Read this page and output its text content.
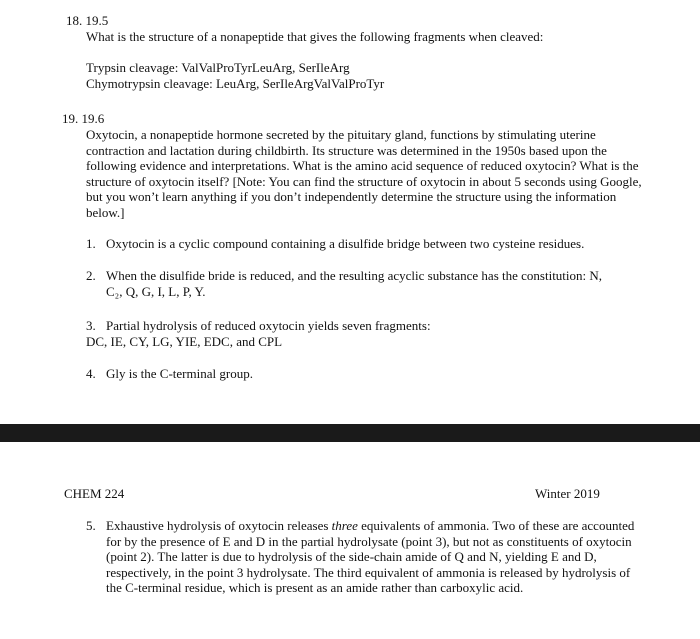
18. 19.5
What is the structure of a nonapeptide that gives the following fragments when cleaved:
Trypsin cleavage: ValValProTyrLeuArg, SerIleArg
Chymotrypsin cleavage: LeuArg, SerIleArgValValProTyr
19. 19.6
Oxytocin, a nonapeptide hormone secreted by the pituitary gland, functions by stimulating uterine contraction and lactation during childbirth. Its structure was determined in the 1950s based upon the following evidence and interpretations. What is the amino acid sequence of reduced oxytocin? What is the structure of oxytocin itself? [Note: You can find the structure of oxytocin in about 5 seconds using Google, but you won’t learn anything if you don’t independently determine the structure using the information below.]
1. Oxytocin is a cyclic compound containing a disulfide bridge between two cysteine residues.
2. When the disulfide bride is reduced, and the resulting acyclic substance has the constitution: N,
C₂, Q, G, I, L, P, Y.
3. Partial hydrolysis of reduced oxytocin yields seven fragments:
DC, IE, CY, LG, YIE, EDC, and CPL
4. Gly is the C-terminal group.
CHEM 224	Winter 2019
5. Exhaustive hydrolysis of oxytocin releases three equivalents of ammonia. Two of these are accounted for by the presence of E and D in the partial hydrolysate (point 3), but not as constituents of oxytocin (point 2). The latter is due to hydrolysis of the side-chain amide of Q and N, yielding E and D, respectively, in the point 3 hydrolysate. The third equivalent of ammonia is released by hydrolysis of the C-terminal residue, which is present as an amide rather than carboxylic acid.
